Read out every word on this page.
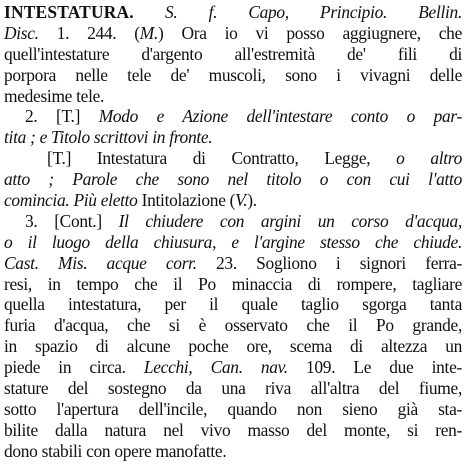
INTESTATURA. S. f. Capo, Principio. Bellin.
Disc. 1. 244. (M.) Ora io vi posso aggiugnere, che
quell'intestature d'argento all'estremità de' fili di
porpora nelle tele de' muscoli, sono i vivagni delle
medesime tele.
2. [T.] Modo e Azione dell'intestare conto o par-
tita ; e Titolo scrittovi in fronte.
[T.] Intestatura di Contratto, Legge, o altro
atto ; Parole che sono nel titolo o con cui l'atto
comincia. Più eletto Intitolazione (V.).
3. [Cont.] Il chiudere con argini un corso d'acqua,
o il luogo della chiusura, e l'argine stesso che chiude.
Cast. Mis. acque corr. 23. Sogliono i signori ferra-
resi, in tempo che il Po minaccia di rompere, tagliare
quella intestatura, per il quale taglio sgorga tanta
furia d'acqua, che si è osservato che il Po grande,
in spazio di alcune poche ore, scema di altezza un
piede in circa. Lecchi, Can. nav. 109. Le due inte-
stature del sostegno da una riva all'altra del fiume,
sotto l'apertura dell'incile, quando non sieno già sta-
bilite dalla natura nel vivo masso del monte, si ren-
dono stabili con opere manofatte.
